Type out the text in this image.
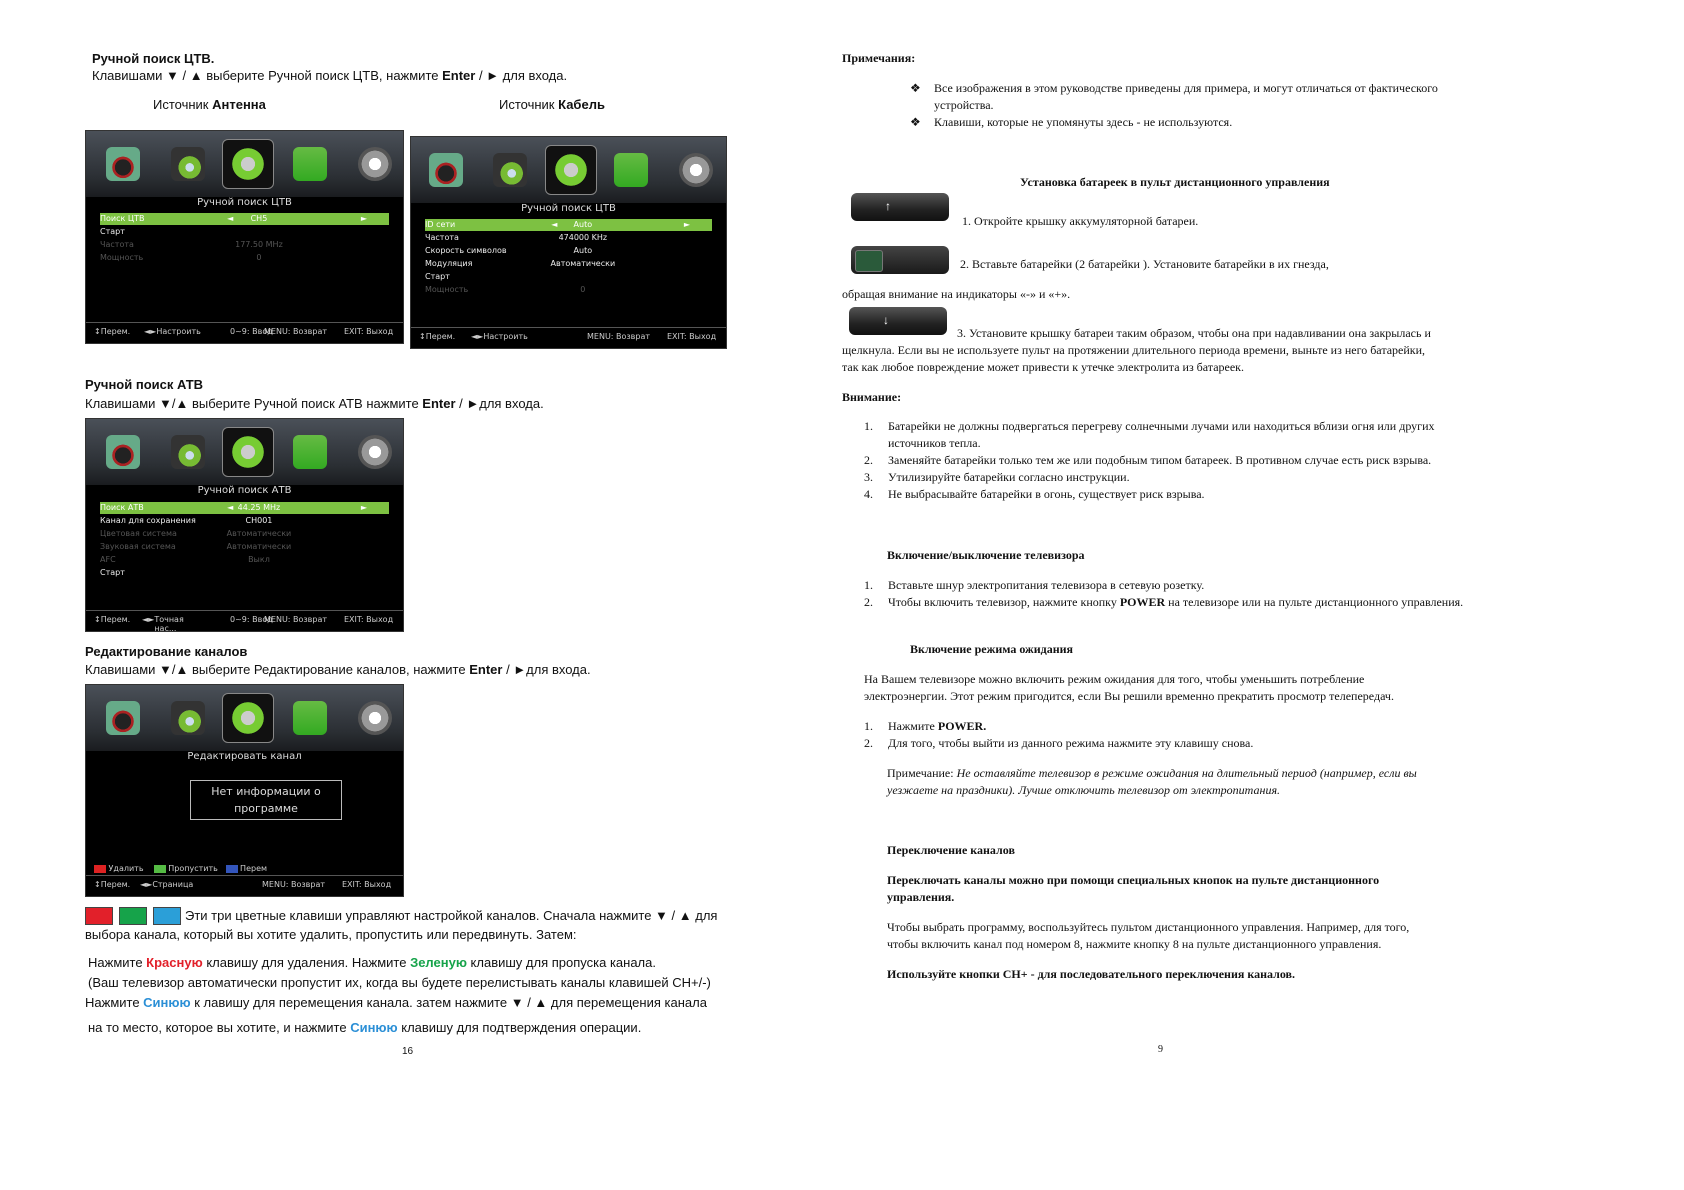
Ручной поиск ЦТВ.
Клавишами ▼ / ▲ выберите Ручной поиск ЦТВ, нажмите Enter / ► для входа.
Источник Антенна	Источник Кабель
Ручной поиск ЦТВ
Поиск ЦТВ	◄ CH5	►
Старт
Частота	177.50 MHz
Мощность	0
↕ Перем. ◄► Настроить	0~9: Ввод
MENU: Возврат EXIT: Выход
Ручной поиск ЦТВ
ID сети	◄ Auto	►
Частота	474000 KHz
Скорость символов	Auto
Модуляция	Автоматически
Старт
Мощность	0
↕ Перем. ◄► Настроить	MENU: Возврат EXIT: Выход
Ручной поиск АТВ
Клавишами ▼/▲ выберите Ручной поиск АТВ нажмите Enter / ►для входа.
Ручной поиск АТВ
Поиск АТВ	◄ 44.25 MHz	►
Канал для сохранения	CH001
Цветовая система	Автоматически
Звуковая система	Автоматически
AFC	Выкл
Старт
↕ Перем. ◄► Точная нас...
0~9: Ввод
MENU: Возврат EXIT: Выход
Редактирование каналов
Клавишами ▼/▲ выберите Редактирование каналов, нажмите Enter / ►для входа.
Редактировать канал
Нет информации о программе
Удалить	Пропустить	Перем
↕ Перем. ◄► Страница	MENU: Возврат EXIT: Выход
Эти три цветные клавиши управляют настройкой каналов. Сначала нажмите ▼ / ▲ для
выбора канала, который вы хотите удалить, пропустить или передвинуть. Затем:
Нажмите Красную клавишу для удаления. Нажмите Зеленую клавишу для пропуска канала.
(Ваш телевизор автоматически пропустит их, когда вы будете перелистывать каналы клавишей CH+/-)
Нажмите Синюю к лавишу для перемещения канала. затем нажмите ▼ / ▲ для перемещения канала
на то место, которое вы хотите, и нажмите Синюю клавишу для подтверждения операции.
16
Примечания:
❖ Все изображения в этом руководстве приведены для примера, и могут отличаться от фактического устройства.
❖ Клавиши, которые не упомянуты здесь - не используются.
Установка батареек в пульт дистанционного управления
↑
1. Откройте крышку аккумуляторной батареи.
2. Вставьте батарейки (2 батарейки ). Установите батарейки в их гнезда,
обращая внимание на индикаторы «-» и «+».
↓
3. Установите крышку батареи таким образом, чтобы она при надавливании она закрылась и
щелкнула. Если вы не используете пульт на протяжении длительного периода времени, выньте из него батарейки,
так как любое повреждение может привести к утечке электролита из батареек.
Внимание:
1. Батарейки не должны подвергаться перегреву солнечными лучами или находиться вблизи огня или других источников тепла.
2. Заменяйте батарейки только тем же или подобным типом батареек. В противном случае есть риск взрыва.
3. Утилизируйте батарейки согласно инструкции.
4. Не выбрасывайте батарейки в огонь, существует риск взрыва.
Включение/выключение телевизора
1. Вставьте шнур электропитания телевизора в сетевую розетку.
2. Чтобы включить телевизор, нажмите кнопку POWER на телевизоре или на пульте дистанционного управления.
Включение режима ожидания
На Вашем телевизоре можно включить режим ожидания для того, чтобы уменьшить потребление
электроэнергии. Этот режим пригодится, если Вы решили временно прекратить просмотр телепередач.
1. Нажмите POWER.
2. Для того, чтобы выйти из данного режима нажмите эту клавишу снова.
Примечание: Не оставляйте телевизор в режиме ожидания на длительный период (например, если вы
уезжаете на праздники). Лучше отключить телевизор от электропитания.
Переключение каналов
Переключать каналы можно при помощи специальных кнопок на пульте дистанционного управления.
Чтобы выбрать программу, воспользуйтесь пультом дистанционного управления. Например, для того,
чтобы включить канал под номером 8, нажмите кнопку 8 на пульте дистанционного управления.
Используйте кнопки CH+ - для последовательного переключения каналов.
9
